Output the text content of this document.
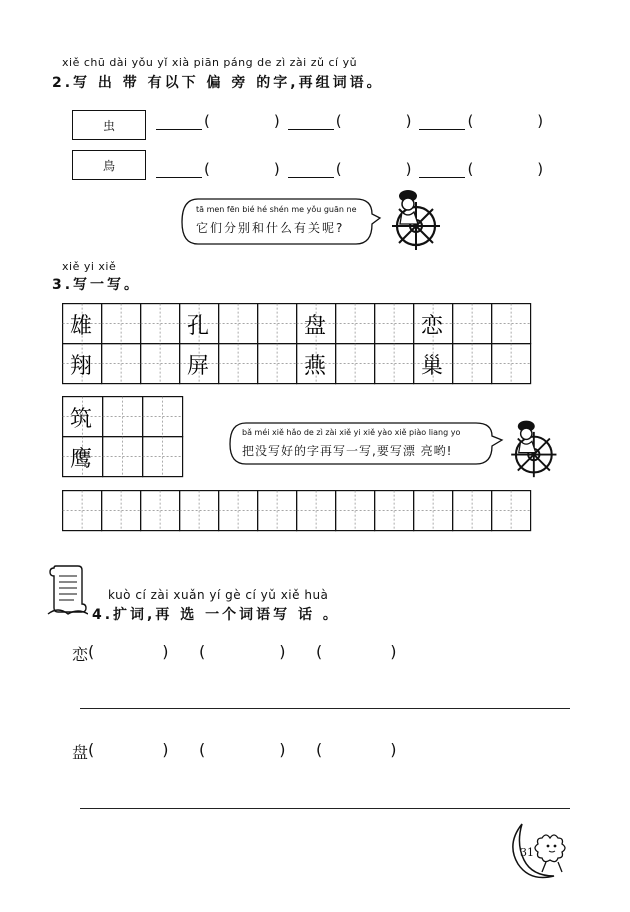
xiě chū dài yǒu yǐ xià piān páng de zì zài zǔ cí yǔ
2.写 出 带 有以下 偏 旁 的字,再组词语。
虫	(	)	(	)	(	)
鳥	(	)	(	)	(	)
tā men fēn bié hé shén me yǒu guān ne
它们分别和什么有关呢?
xiě yi xiě
3.写一写。
雄	孔	盘	恋
翔	屏	燕	巢
筑
鹰
bǎ méi xiě hǎo de zì zài xiě yi xiě yào xiě piào liang yo
把没写好的字再写一写,要写漂 亮哟!
kuò cí zài xuǎn yí gè cí yǔ xiě huà
4.扩词,再 选 一个词语写 话 。
恋 (	)      (	)      (	)
盘 (	)      (	)      (	)
31
